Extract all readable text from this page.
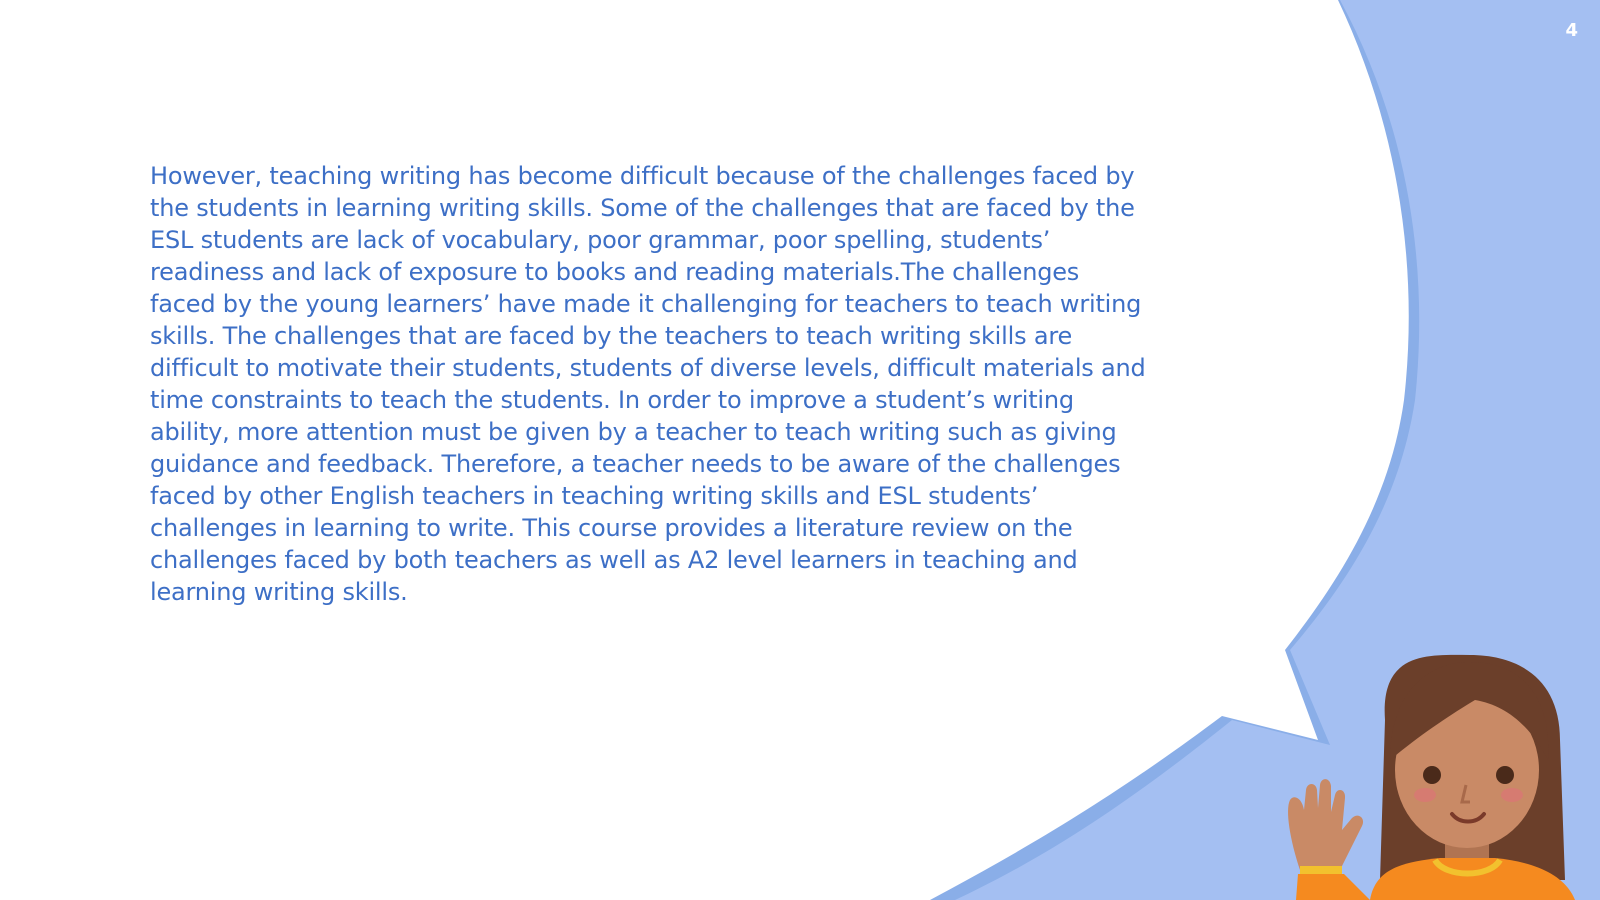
4

However, teaching writing has become difficult because of the challenges faced by the students in learning writing skills. Some of the challenges that are faced by the ESL students are lack of vocabulary, poor grammar, poor spelling, students’ readiness and lack of exposure to books and reading materials.The challenges faced by the young learners’ have made it challenging for teachers to teach writing skills. The challenges that are faced by the teachers to teach writing skills are difficult to motivate their students, students of diverse levels, difficult materials and time constraints to teach the students. In order to improve a student’s writing ability, more attention must be given by a teacher to teach writing such as giving guidance and feedback. Therefore, a teacher needs to be aware of the challenges faced by other English teachers in teaching writing skills and ESL students’ challenges in learning to write. This course provides a literature review on the challenges faced by both teachers as well as A2 level learners in teaching and learning writing skills.
